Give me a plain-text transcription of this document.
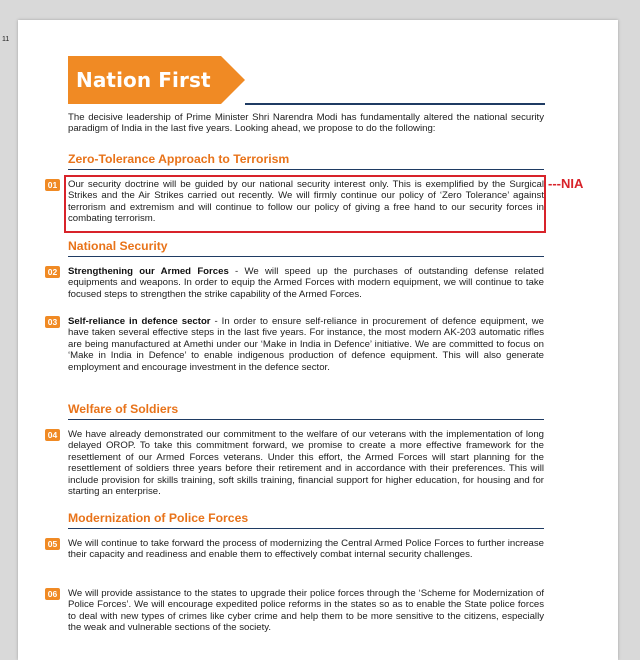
11
Nation First
The decisive leadership of Prime Minister Shri Narendra Modi has fundamentally altered the national security paradigm of India in the last five years. Looking ahead, we propose to do the following:
Zero-Tolerance Approach to Terrorism
01 Our security doctrine will be guided by our national security interest only. This is exemplified by the Surgical Strikes and the Air Strikes carried out recently. We will firmly continue our policy of ‘Zero Tolerance’ against terrorism and extremism and will continue to follow our policy of giving a free hand to our security forces in combating terrorism.
---NIA
National Security
02 Strengthening our Armed Forces - We will speed up the purchases of outstanding defense related equipments and weapons. In order to equip the Armed Forces with modern equipment, we will continue to take focused steps to strengthen the strike capability of the Armed Forces.
03 Self-reliance in defence sector - In order to ensure self-reliance in procurement of defence equipment, we have taken several effective steps in the last five years. For instance, the most modern AK-203 automatic rifles are being manufactured at Amethi under our ‘Make in India in Defence’ initiative. We are committed to focus on ‘Make in India in Defence’ to enable indigenous production of defence equipment. This will also generate employment and encourage investment in the defence sector.
Welfare of Soldiers
04 We have already demonstrated our commitment to the welfare of our veterans with the implementation of long delayed OROP. To take this commitment forward, we promise to create a more effective framework for the resettlement of our Armed Forces veterans. Under this effort, the Armed Forces will start planning for the resettlement of soldiers three years before their retirement and in accordance with their preferences. This will include provision for skills training, soft skills training, financial support for higher education, for housing and for starting an enterprise.
Modernization of Police Forces
05 We will continue to take forward the process of modernizing the Central Armed Police Forces to further increase their capacity and readiness and enable them to effectively combat internal security challenges.
06 We will provide assistance to the states to upgrade their police forces through the ‘Scheme for Modernization of Police Forces’. We will encourage expedited police reforms in the states so as to enable the State police forces to deal with new types of crimes like cyber crime and help them to be more sensitive to the citizens, especially the weak and vulnerable sections of the society.
